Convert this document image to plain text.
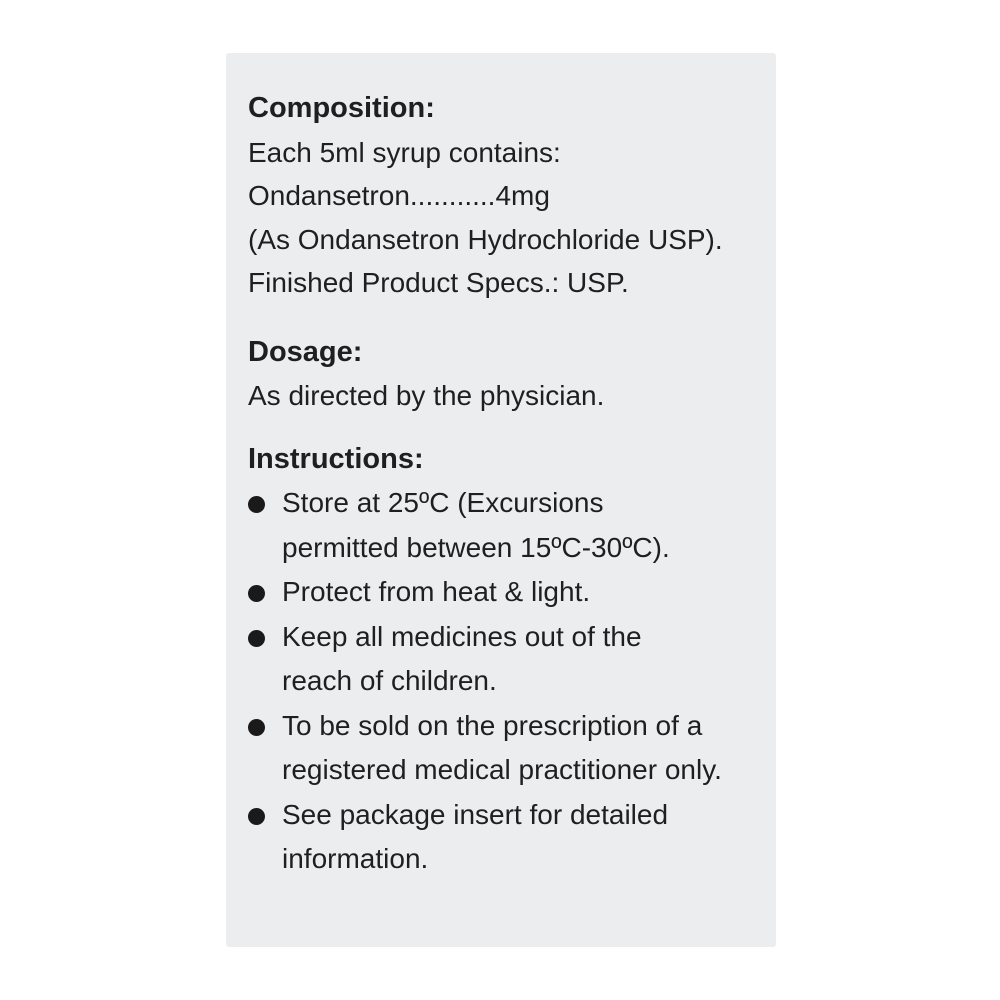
Composition:

Each 5ml syrup contains:

Ondansetron...........4mg

(As Ondansetron Hydrochloride USP).

Finished Product Specs.: USP.

Dosage:

As directed by the physician.

Instructions:

Store at 25ºC (Excursions
permitted between 15ºC-30ºC).
Protect from heat & light.
Keep all medicines out of the
reach of children.
To be sold on the prescription of a
registered medical practitioner only.
See package insert for detailed
information.
